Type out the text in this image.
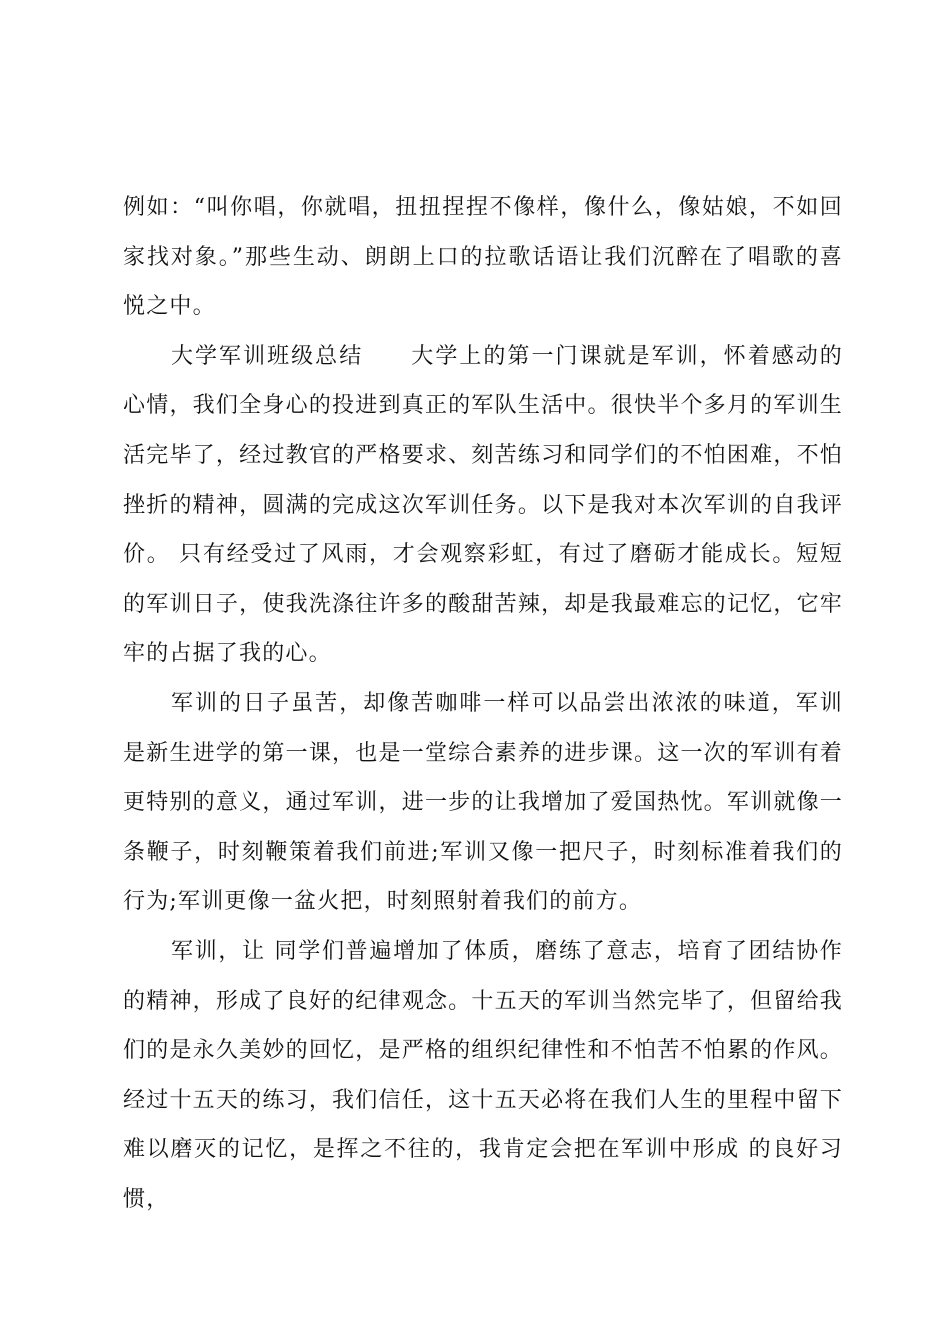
例如：“叫你唱，你就唱，扭扭捏捏不像样，像什么，像姑娘，不如回家找对象。”那些生动、朗朗上口的拉歌话语让我们沉醉在了唱歌的喜悦之中。

大学军训班级总结　　大学上的第一门课就是军训，怀着感动的心情，我们全身心的投进到真正的军队生活中。很快半个多月的军训生活完毕了，经过教官的严格要求、刻苦练习和同学们的不怕困难，不怕挫折的精神，圆满的完成这次军训任务。以下是我对本次军训的自我评价。 只有经受过了风雨，才会观察彩虹，有过了磨砺才能成长。短短的军训日子，使我洗涤往许多的酸甜苦辣，却是我最难忘的记忆，它牢牢的占据了我的心。

军训的日子虽苦，却像苦咖啡一样可以品尝出浓浓的味道，军训是新生进学的第一课，也是一堂综合素养的进步课。这一次的军训有着更特别的意义，通过军训，进一步的让我增加了爱国热忱。军训就像一条鞭子，时刻鞭策着我们前进;军训又像一把尺子，时刻标准着我们的行为;军训更像一盆火把，时刻照射着我们的前方。

军训，让 同学们普遍增加了体质，磨练了意志，培育了团结协作的精神，形成了良好的纪律观念。十五天的军训当然完毕了，但留给我们的是永久美妙的回忆，是严格的组织纪律性和不怕苦不怕累的作风。经过十五天的练习，我们信任，这十五天必将在我们人生的里程中留下难以磨灭的记忆，是挥之不往的，我肯定会把在军训中形成 的良好习惯，
